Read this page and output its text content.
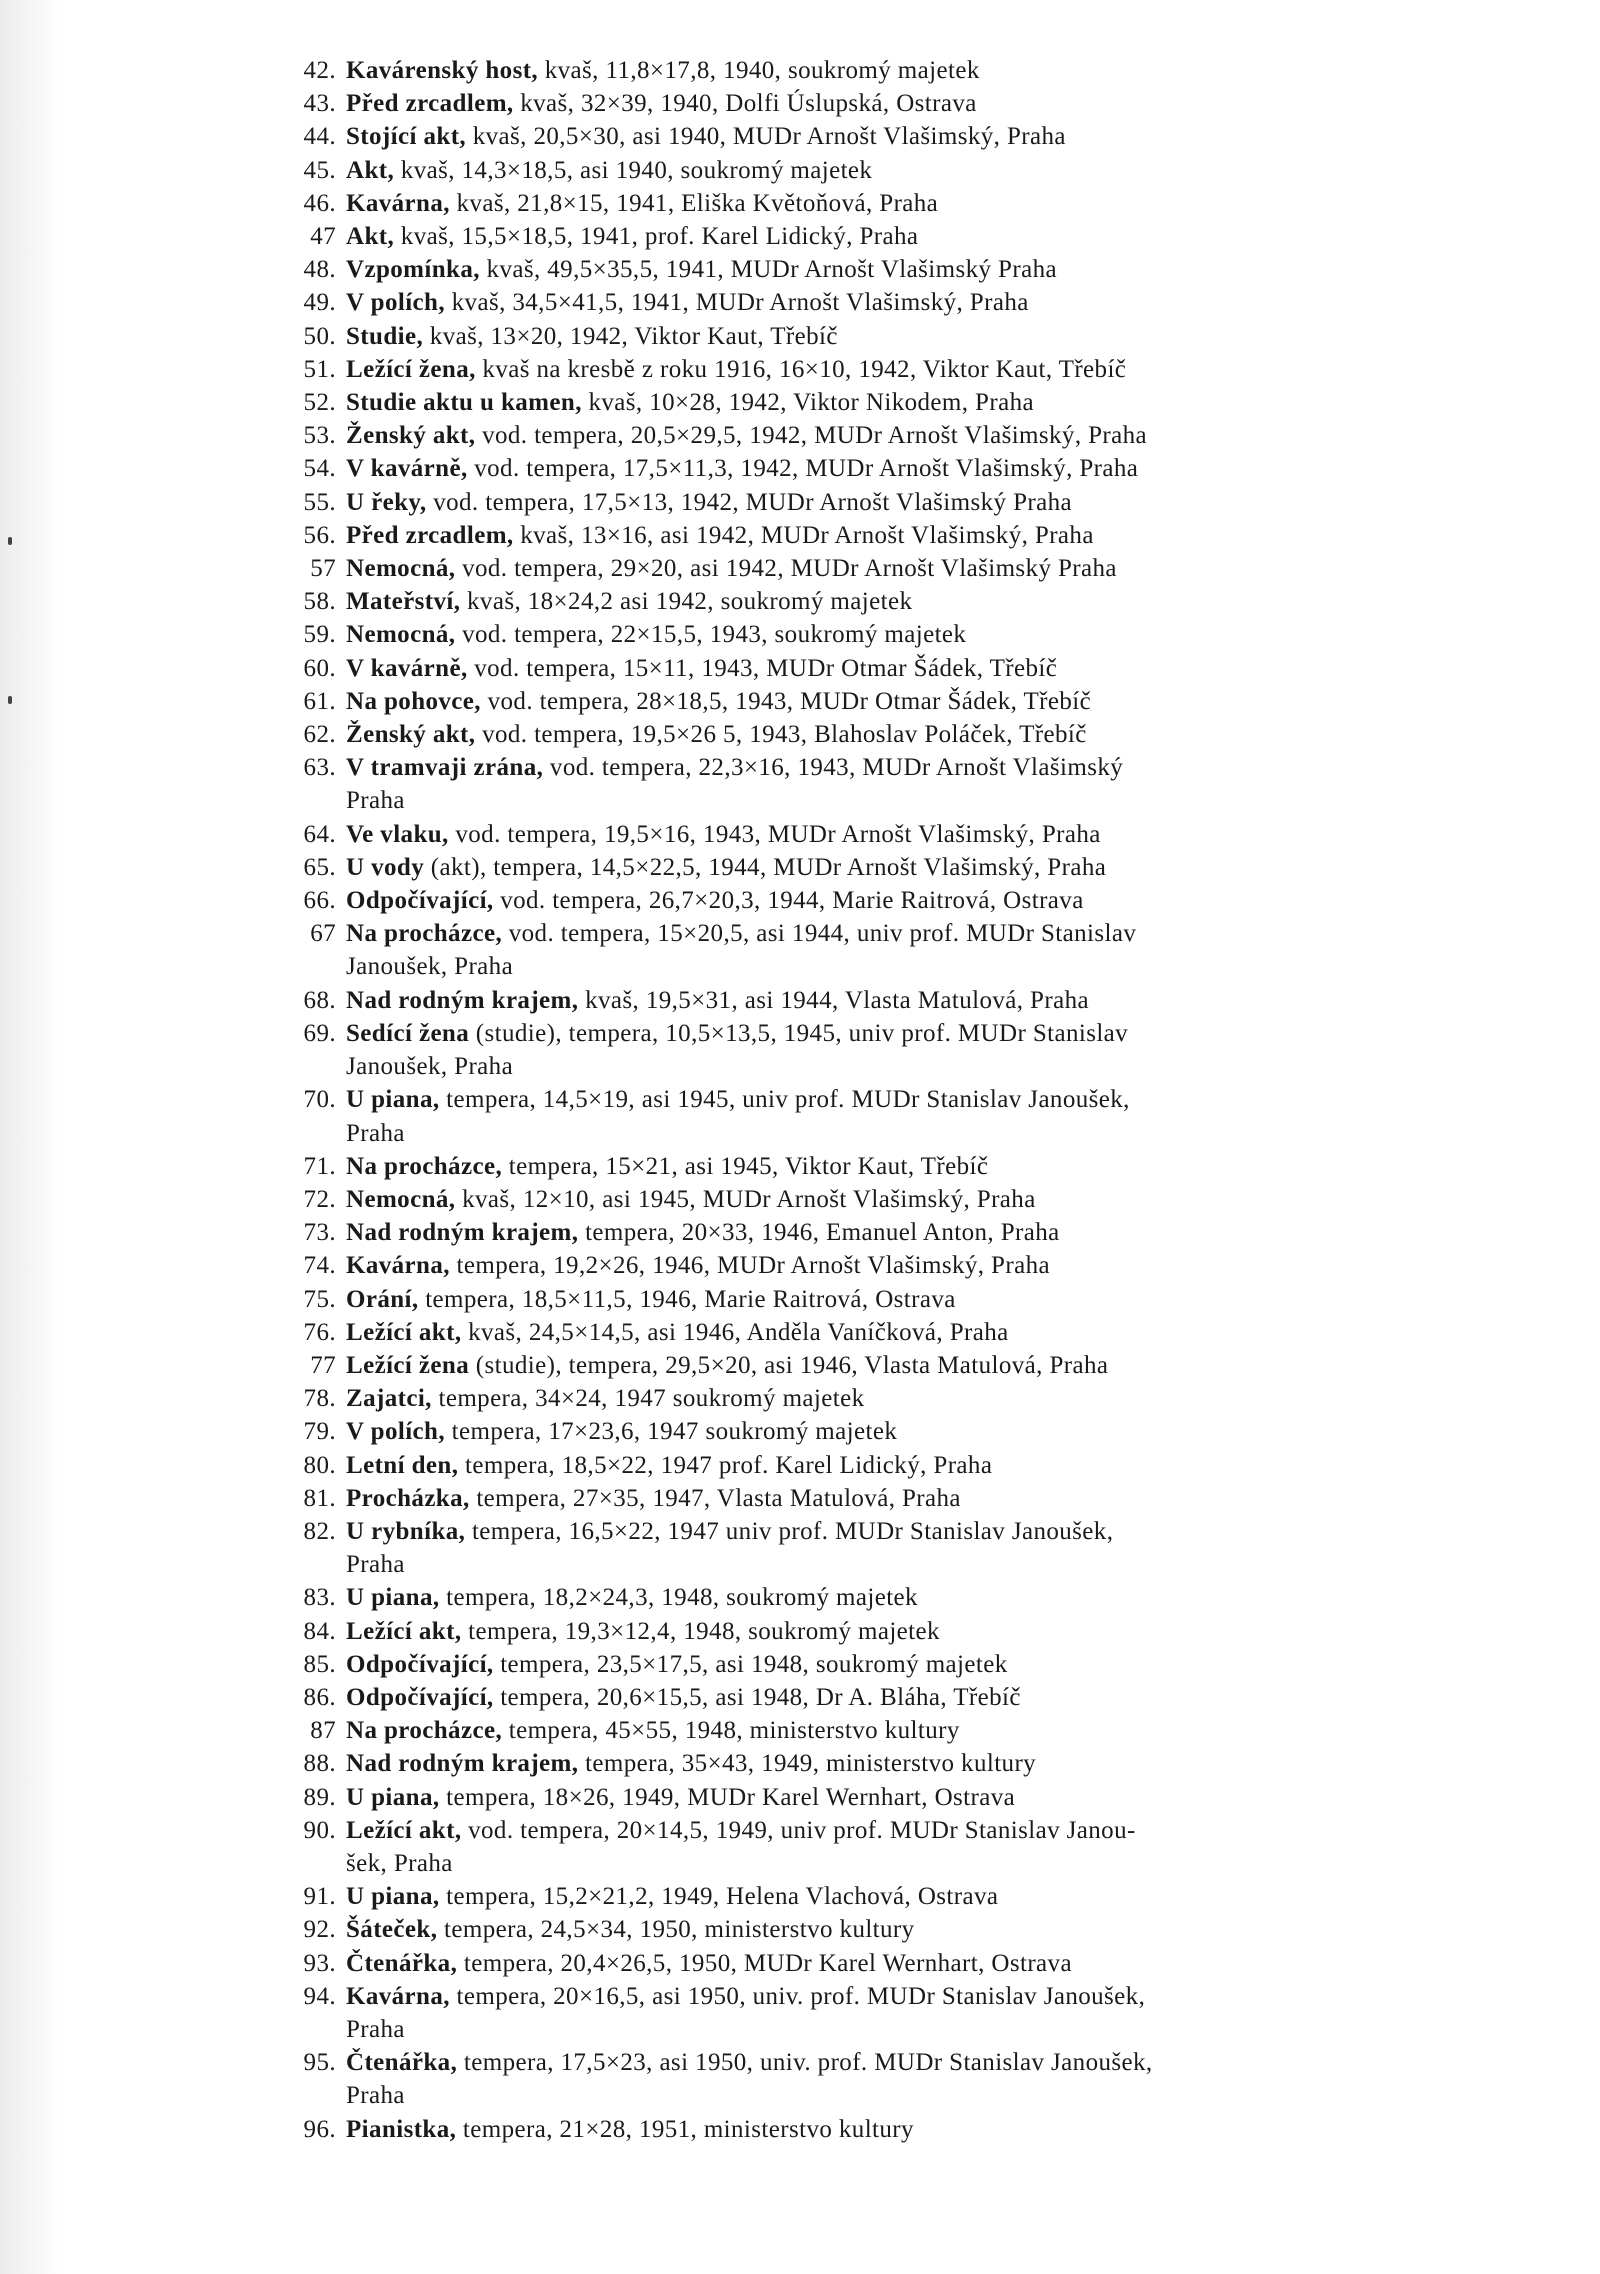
42. Kavárenský host, kvaš, 11,8×17,8, 1940, soukromý majetek
43. Před zrcadlem, kvaš, 32×39, 1940, Dolfi Úslupská, Ostrava
44. Stojící akt, kvaš, 20,5×30, asi 1940, MUDr Arnošt Vlašimský, Praha
45. Akt, kvaš, 14,3×18,5, asi 1940, soukromý majetek
46. Kavárna, kvaš, 21,8×15, 1941, Eliška Květoňová, Praha
47 Akt, kvaš, 15,5×18,5, 1941, prof. Karel Lidický, Praha
48. Vzpomínka, kvaš, 49,5×35,5, 1941, MUDr Arnošt Vlašimský Praha
49. V polích, kvaš, 34,5×41,5, 1941, MUDr Arnošt Vlašimský, Praha
50. Studie, kvaš, 13×20, 1942, Viktor Kaut, Třebíč
51. Ležící žena, kvaš na kresbě z roku 1916, 16×10, 1942, Viktor Kaut, Třebíč
52. Studie aktu u kamen, kvaš, 10×28, 1942, Viktor Nikodem, Praha
53. Ženský akt, vod. tempera, 20,5×29,5, 1942, MUDr Arnošt Vlašimský, Praha
54. V kavárně, vod. tempera, 17,5×11,3, 1942, MUDr Arnošt Vlašimský, Praha
55. U řeky, vod. tempera, 17,5×13, 1942, MUDr Arnošt Vlašimský Praha
56. Před zrcadlem, kvaš, 13×16, asi 1942, MUDr Arnošt Vlašimský, Praha
57 Nemocná, vod. tempera, 29×20, asi 1942, MUDr Arnošt Vlašimský Praha
58. Mateřství, kvaš, 18×24,2 asi 1942, soukromý majetek
59. Nemocná, vod. tempera, 22×15,5, 1943, soukromý majetek
60. V kavárně, vod. tempera, 15×11, 1943, MUDr Otmar Šádek, Třebíč
61. Na pohovce, vod. tempera, 28×18,5, 1943, MUDr Otmar Šádek, Třebíč
62. Ženský akt, vod. tempera, 19,5×26 5, 1943, Blahoslav Poláček, Třebíč
63. V tramvaji zrána, vod. tempera, 22,3×16, 1943, MUDr Arnošt Vlašimský
Praha
64. Ve vlaku, vod. tempera, 19,5×16, 1943, MUDr Arnošt Vlašimský, Praha
65. U vody (akt), tempera, 14,5×22,5, 1944, MUDr Arnošt Vlašimský, Praha
66. Odpočívající, vod. tempera, 26,7×20,3, 1944, Marie Raitrová, Ostrava
67 Na procházce, vod. tempera, 15×20,5, asi 1944, univ prof. MUDr Stanislav
Janoušek, Praha
68. Nad rodným krajem, kvaš, 19,5×31, asi 1944, Vlasta Matulová, Praha
69. Sedící žena (studie), tempera, 10,5×13,5, 1945, univ prof. MUDr Stanislav
Janoušek, Praha
70. U piana, tempera, 14,5×19, asi 1945, univ prof. MUDr Stanislav Janoušek,
Praha
71. Na procházce, tempera, 15×21, asi 1945, Viktor Kaut, Třebíč
72. Nemocná, kvaš, 12×10, asi 1945, MUDr Arnošt Vlašimský, Praha
73. Nad rodným krajem, tempera, 20×33, 1946, Emanuel Anton, Praha
74. Kavárna, tempera, 19,2×26, 1946, MUDr Arnošt Vlašimský, Praha
75. Orání, tempera, 18,5×11,5, 1946, Marie Raitrová, Ostrava
76. Ležící akt, kvaš, 24,5×14,5, asi 1946, Anděla Vaníčková, Praha
77 Ležící žena (studie), tempera, 29,5×20, asi 1946, Vlasta Matulová, Praha
78. Zajatci, tempera, 34×24, 1947 soukromý majetek
79. V polích, tempera, 17×23,6, 1947 soukromý majetek
80. Letní den, tempera, 18,5×22, 1947 prof. Karel Lidický, Praha
81. Procházka, tempera, 27×35, 1947, Vlasta Matulová, Praha
82. U rybníka, tempera, 16,5×22, 1947 univ prof. MUDr Stanislav Janoušek,
Praha
83. U piana, tempera, 18,2×24,3, 1948, soukromý majetek
84. Ležící akt, tempera, 19,3×12,4, 1948, soukromý majetek
85. Odpočívající, tempera, 23,5×17,5, asi 1948, soukromý majetek
86. Odpočívající, tempera, 20,6×15,5, asi 1948, Dr A. Bláha, Třebíč
87 Na procházce, tempera, 45×55, 1948, ministerstvo kultury
88. Nad rodným krajem, tempera, 35×43, 1949, ministerstvo kultury
89. U piana, tempera, 18×26, 1949, MUDr Karel Wernhart, Ostrava
90. Ležící akt, vod. tempera, 20×14,5, 1949, univ prof. MUDr Stanislav Janou-
šek, Praha
91. U piana, tempera, 15,2×21,2, 1949, Helena Vlachová, Ostrava
92. Šáteček, tempera, 24,5×34, 1950, ministerstvo kultury
93. Čtenářka, tempera, 20,4×26,5, 1950, MUDr Karel Wernhart, Ostrava
94. Kavárna, tempera, 20×16,5, asi 1950, univ. prof. MUDr Stanislav Janoušek,
Praha
95. Čtenářka, tempera, 17,5×23, asi 1950, univ. prof. MUDr Stanislav Janoušek,
Praha
96. Pianistka, tempera, 21×28, 1951, ministerstvo kultury
